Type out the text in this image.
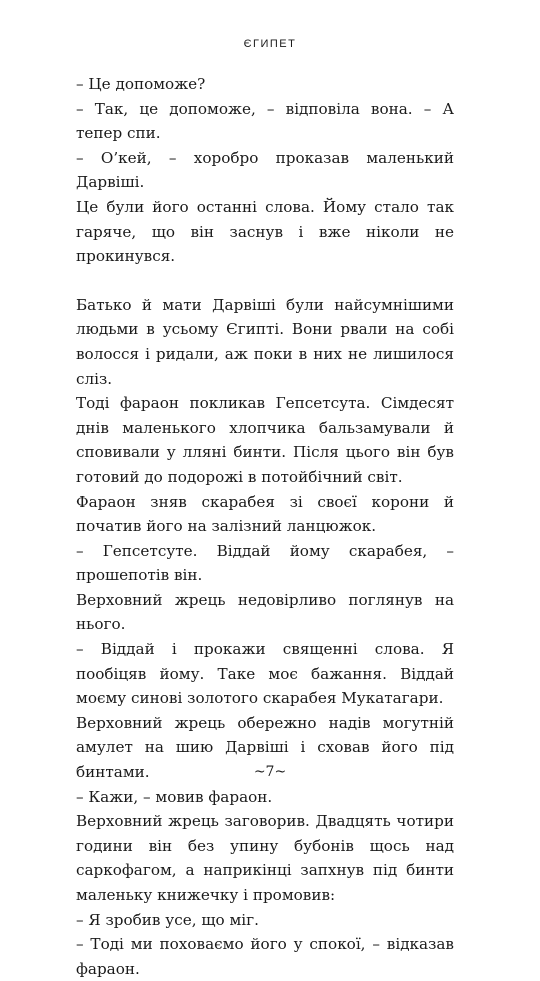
ЄГИПЕТ

– Це допоможе?

– Так, це допоможе, – відповіла вона. – А тепер спи.

– О’кей, – хоробро проказав маленький Дарвіші.

Це були його останні слова. Йому стало так гаряче, що він заснув і вже ніколи не прокинувся.

Батько й мати Дарвіші були найсумнішими людьми в усьому Єгипті. Вони рвали на собі волосся і ридали, аж поки в них не лишилося сліз.

Тоді фараон покликав Гепсетсута. Сімдесят днів маленького хлопчика бальзамували й сповивали у лляні бинти. Після цього він був готовий до подорожі в потойбічний світ.

Фараон зняв скарабея зі своєї корони й початив його на залізний ланцюжок.

– Гепсетсуте. Віддай йому скарабея, – прошепотів він.

Верховний жрець недовірливо поглянув на нього.

– Віддай і прокажи священні слова. Я пообіцяв йому. Таке моє бажання. Віддай моєму синові золотого скарабея Мукатагари.

Верховний жрець обережно надів могутній амулет на шию Дарвіші і сховав його під бинтами.

– Кажи, – мовив фараон.

Верховний жрець заговорив. Двадцять чотири години він без упину бубонів щось над саркофагом, а наприкінці запхнув під бинти маленьку книжечку і промовив:

– Я зробив усе, що міг.

– Тоді ми поховаємо його у спокої, – відказав фараон.

~7~
